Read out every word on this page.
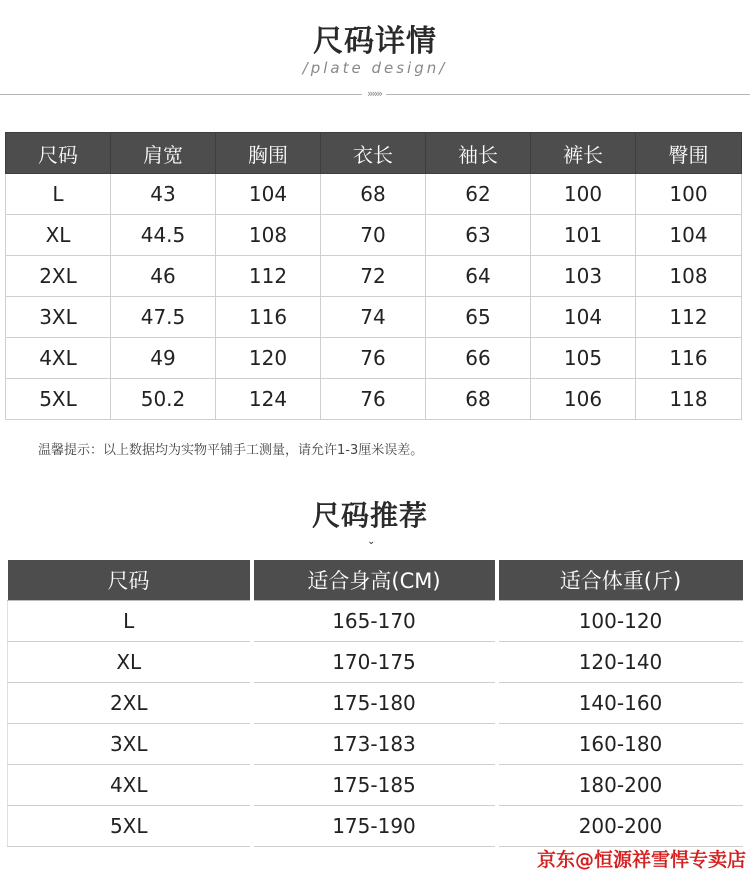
尺码详情
/plate design/
»»»
尺码	肩宽	胸围	衣长	袖长	裤长	臀围
L	43	104	68	62	100	100
XL	44.5	108	70	63	101	104
2XL	46	112	72	64	103	108
3XL	47.5	116	74	65	104	112
4XL	49	120	76	66	105	116
5XL	50.2	124	76	68	106	118
温馨提示：以上数据均为实物平铺手工测量，请允许1-3厘米误差。
尺码推荐
⌄
尺码	适合身高(CM)	适合体重(斤)
L	165-170	100-120
XL	170-175	120-140
2XL	175-180	140-160
3XL	173-183	160-180
4XL	175-185	180-200
5XL	175-190	200-200
京东@恒源祥雪悍专卖店
